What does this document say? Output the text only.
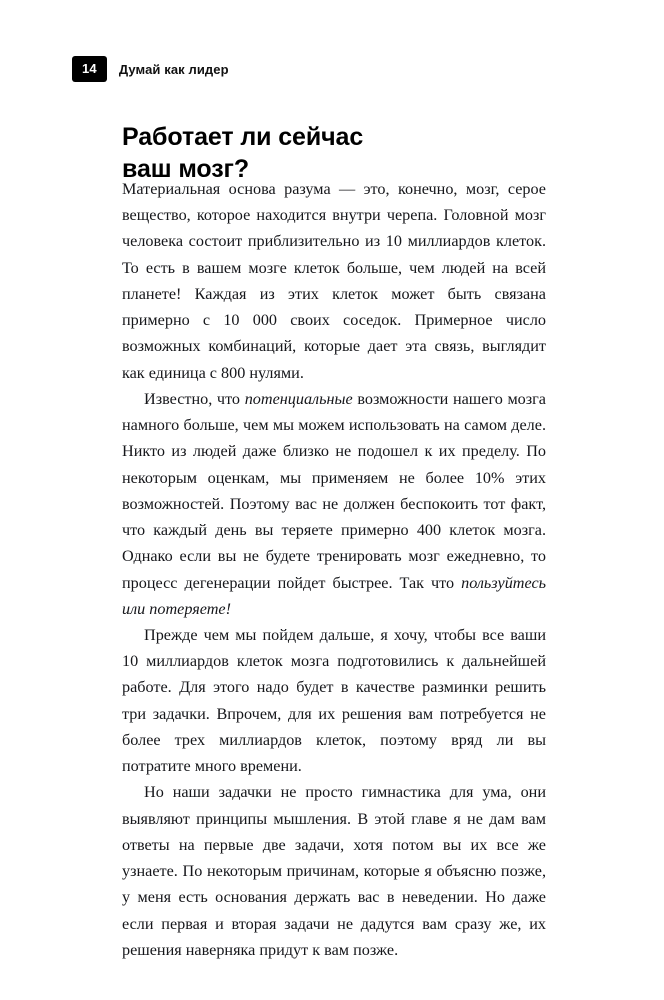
14	Думай как лидер
Работает ли сейчас
ваш мозг?

Материальная основа разума — это, конечно, мозг, серое вещество, которое находится внутри черепа. Головной мозг человека состоит приблизительно из 10 миллиардов клеток. То есть в вашем мозге клеток больше, чем людей на всей планете! Каждая из этих клеток может быть связана примерно с 10 000 своих соседок. Примерное число возможных комбинаций, которые дает эта связь, выглядит как единица с 800 нулями.

Известно, что потенциальные возможности нашего мозга намного больше, чем мы можем использовать на самом деле. Никто из людей даже близко не подошел к их пределу. По некоторым оценкам, мы применяем не более 10% этих возможностей. Поэтому вас не должен беспокоить тот факт, что каждый день вы теряете примерно 400 клеток мозга. Однако если вы не будете тренировать мозг ежедневно, то процесс дегенерации пойдет быстрее. Так что пользуйтесь или потеряете!

Прежде чем мы пойдем дальше, я хочу, чтобы все ваши 10 миллиардов клеток мозга подготовились к дальнейшей работе. Для этого надо будет в качестве разминки решить три задачки. Впрочем, для их решения вам потребуется не более трех миллиардов клеток, поэтому вряд ли вы потратите много времени.

Но наши задачки не просто гимнастика для ума, они выявляют принципы мышления. В этой главе я не дам вам ответы на первые две задачи, хотя потом вы их все же узнаете. По некоторым причинам, которые я объясню позже, у меня есть основания держать вас в неведении. Но даже если первая и вторая задачи не дадутся вам сразу же, их решения наверняка придут к вам позже.
